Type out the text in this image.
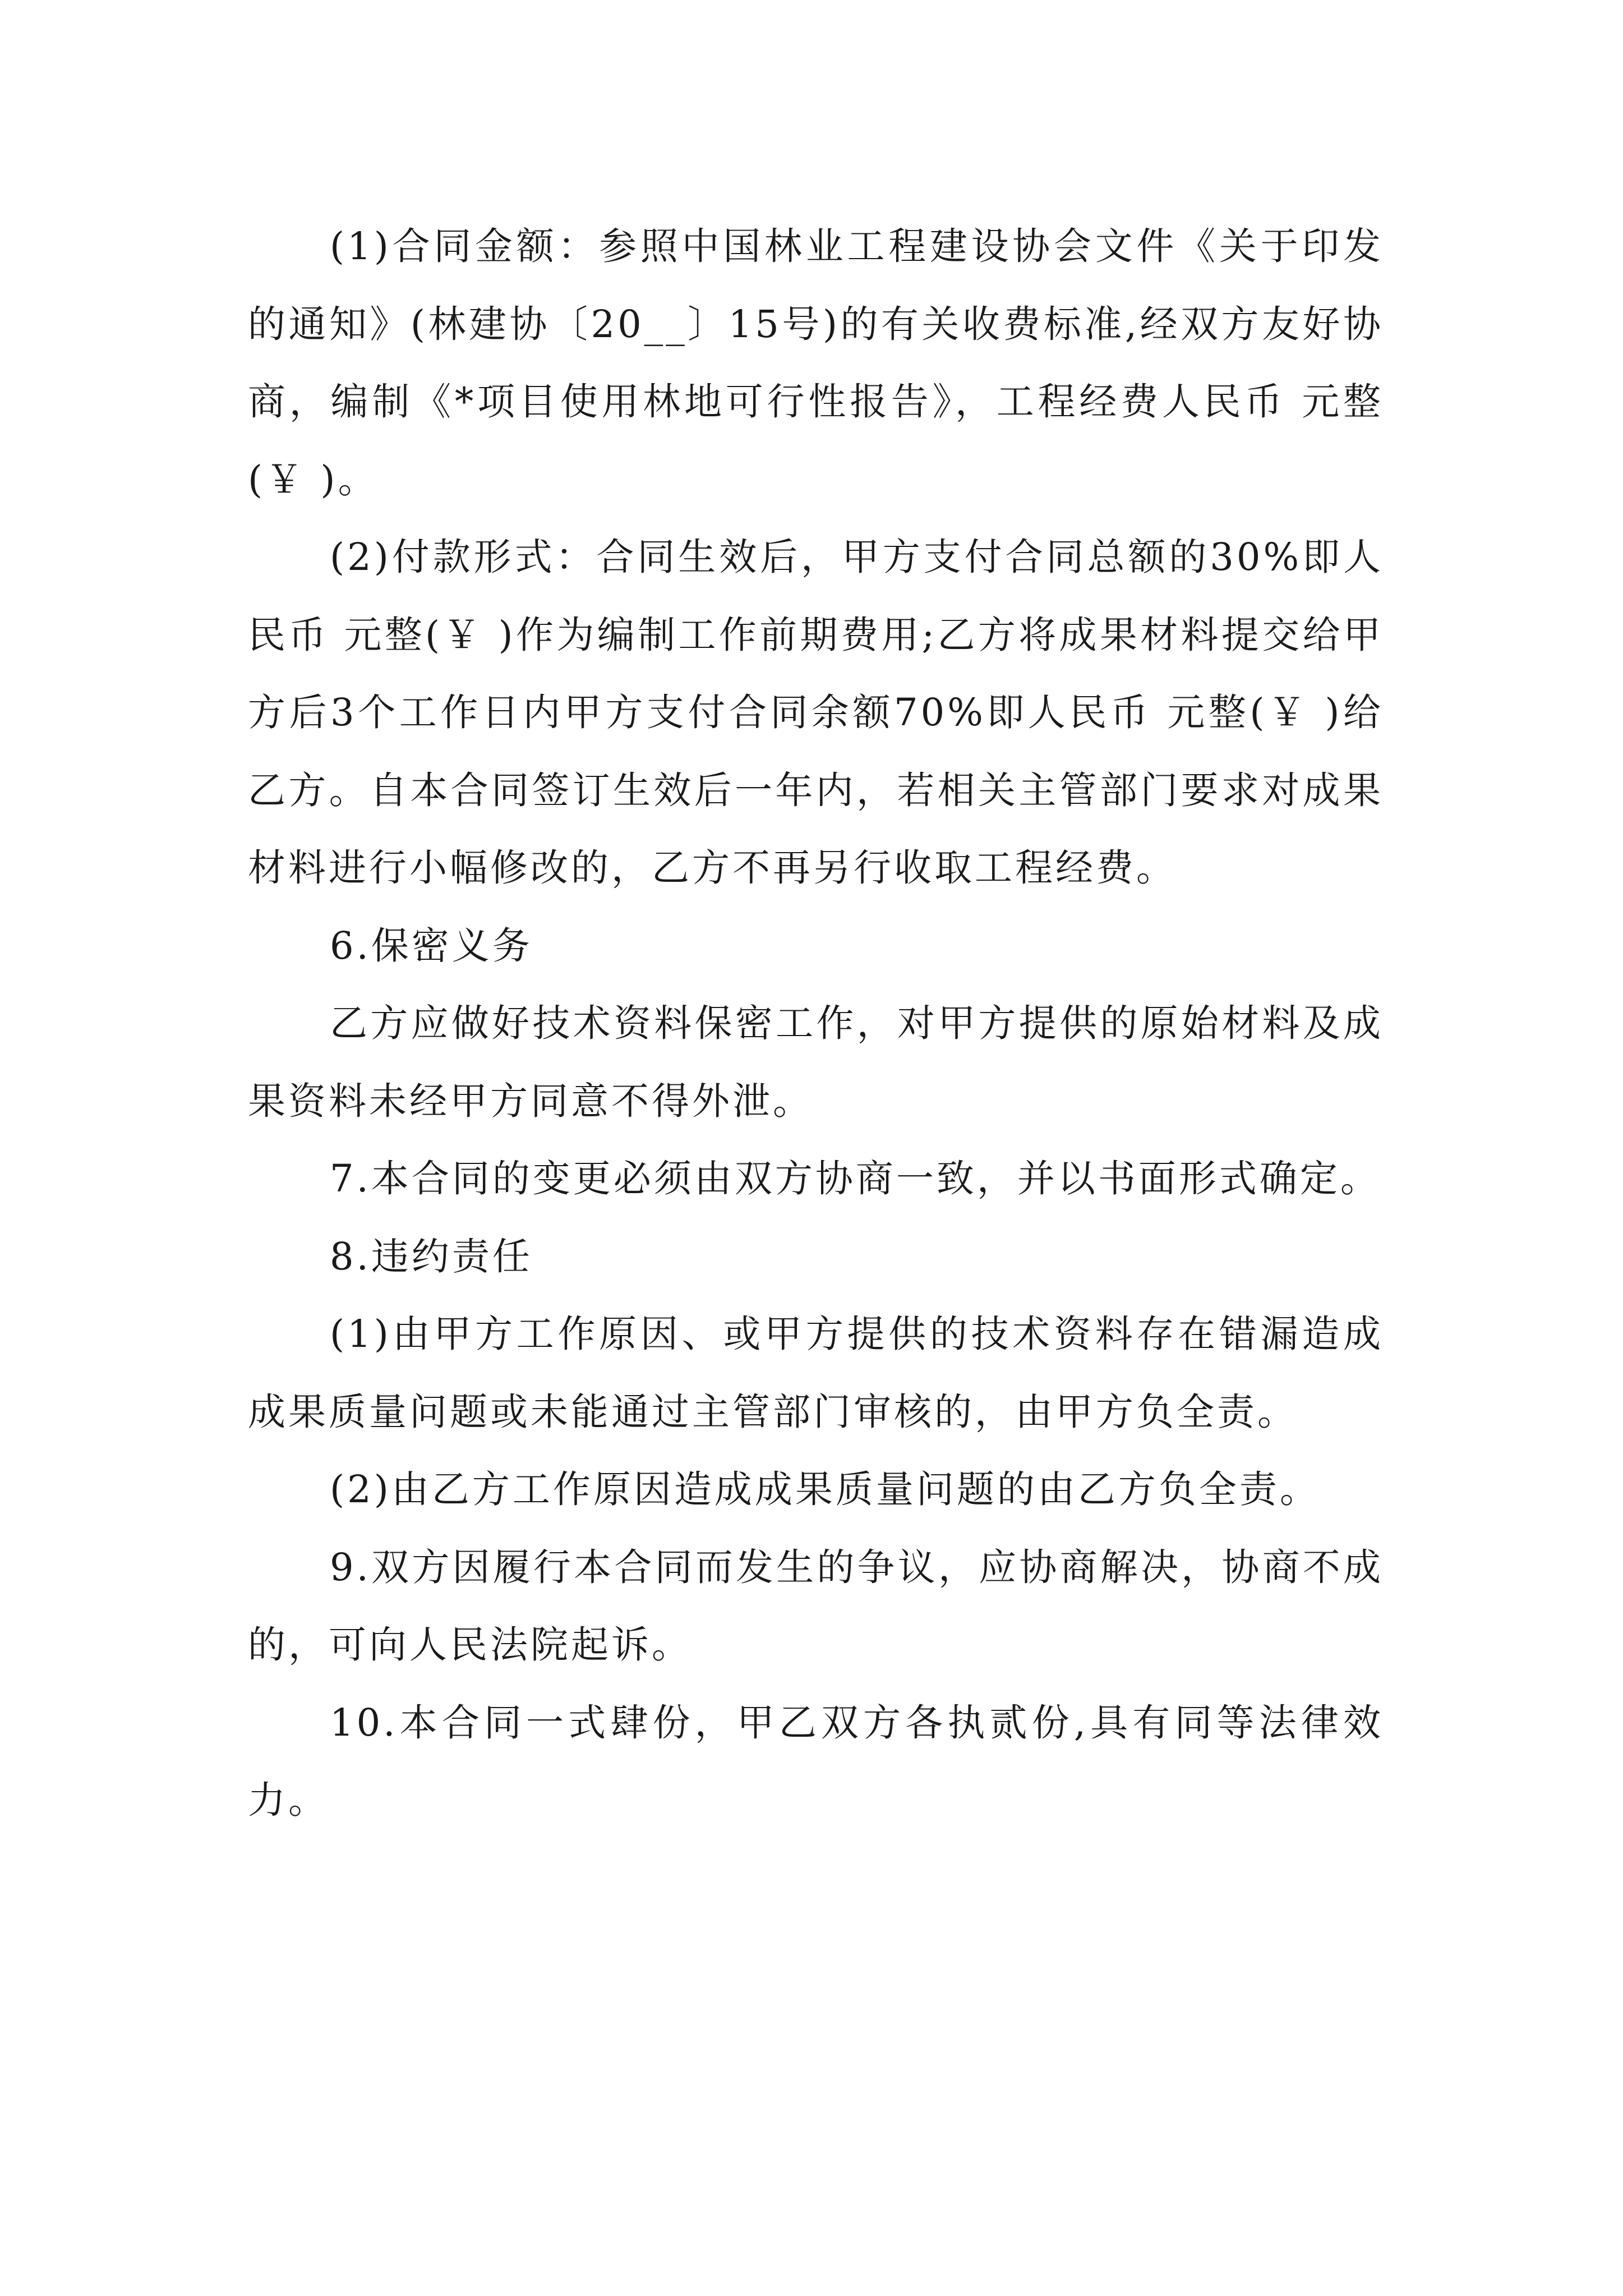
(1)合同金额：参照中国林业工程建设协会文件《关于印发的通知》(林建协〔20__〕15号)的有关收费标准,经双方友好协商，编制《*项目使用林地可行性报告》，工程经费人民币 元整(￥ )。

(2)付款形式：合同生效后，甲方支付合同总额的30%即人民币 元整(￥ )作为编制工作前期费用;乙方将成果材料提交给甲方后3个工作日内甲方支付合同余额70%即人民币 元整(￥ )给乙方。自本合同签订生效后一年内，若相关主管部门要求对成果材料进行小幅修改的，乙方不再另行收取工程经费。

6.保密义务

乙方应做好技术资料保密工作，对甲方提供的原始材料及成果资料未经甲方同意不得外泄。

7.本合同的变更必须由双方协商一致，并以书面形式确定。

8.违约责任

(1)由甲方工作原因、或甲方提供的技术资料存在错漏造成成果质量问题或未能通过主管部门审核的，由甲方负全责。

(2)由乙方工作原因造成成果质量问题的由乙方负全责。

9.双方因履行本合同而发生的争议，应协商解决，协商不成的，可向人民法院起诉。

10.本合同一式肆份，甲乙双方各执贰份,具有同等法律效力。
